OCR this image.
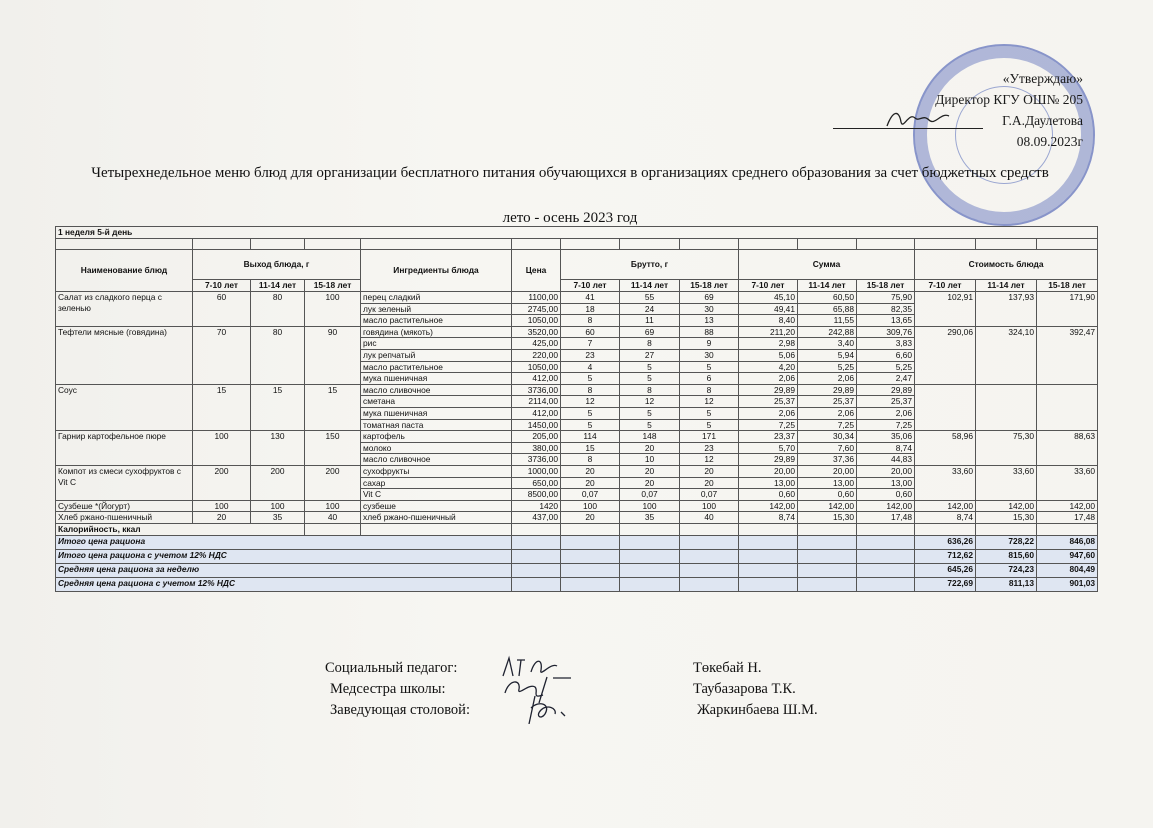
«Утверждаю»
Директор КГУ ОШ№ 205
Г.А.Даулетова
08.09.2023г
Четырехнедельное меню блюд для организации бесплатного питания обучающихся в организациях среднего образования за счет бюджетных средств
лето - осень 2023 год
1 неделя 5-й день														

Наименование блюд	Выход блюда, г			Ингредиенты блюда	Цена	Брутто, г			Сумма			Стоимость блюда		
	7-10 лет	11-14 лет	15-18 лет			7-10 лет	11-14 лет	15-18 лет	7-10 лет	11-14 лет	15-18 лет	7-10 лет	11-14 лет	15-18 лет
Салат из сладкого перца с зеленью	60	80	100	перец сладкий	1100,00	41	55	69	45,10	60,50	75,90	102,91	137,93	171,90
				лук зеленый	2745,00	18	24	30	49,41	65,88	82,35			
				масло растительное	1050,00	8	11	13	8,40	11,55	13,65			
Тефтели мясные (говядина)	70	80	90	говядина (мякоть)	3520,00	60	69	88	211,20	242,88	309,76	290,06	324,10	392,47
				рис	425,00	7	8	9	2,98	3,40	3,83			
				лук репчатый	220,00	23	27	30	5,06	5,94	6,60			
				масло растительное	1050,00	4	5	5	4,20	5,25	5,25			
				мука пшеничная	412,00	5	5	6	2,06	2,06	2,47			
Соус	15	15	15	масло сливочное	3736,00	8	8	8	29,89	29,89	29,89			
				сметана	2114,00	12	12	12	25,37	25,37	25,37			
				мука пшеничная	412,00	5	5	5	2,06	2,06	2,06			
				томатная паста	1450,00	5	5	5	7,25	7,25	7,25			
Гарнир картофельное пюре	100	130	150	картофель	205,00	114	148	171	23,37	30,34	35,06	58,96	75,30	88,63
				молоко	380,00	15	20	23	5,70	7,60	8,74			
				масло сливочное	3736,00	8	10	12	29,89	37,36	44,83			
Компот из смеси сухофруктов с Vit C	200	200	200	сухофрукты	1000,00	20	20	20	20,00	20,00	20,00	33,60	33,60	33,60
				сахар	650,00	20	20	20	13,00	13,00	13,00			
				Vit C	8500,00	0,07	0,07	0,07	0,60	0,60	0,60			
Сузбеше *(Йогурт)	100	100	100	сузбеше	1420	100	100	100	142,00	142,00	142,00	142,00	142,00	142,00
Хлеб ржано-пшеничный	20	35	40	хлеб ржано-пшеничный	437,00	20	35	40	8,74	15,30	17,48	8,74	15,30	17,48
Калорийность, ккал														
Итого цена рациона												636,26	728,22	846,08
Итого цена рациона с учетом 12% НДС												712,62	815,60	947,60
Средняя цена рациона за неделю												645,26	724,23	804,49
Средняя цена рациона с учетом 12% НДС												722,69	811,13	901,03
Социальный педагог:	Төкебай Н.
Медсестра школы:	Таубазарова Т.К.
Заведующая столовой:	Жаркинбаева Ш.М.
